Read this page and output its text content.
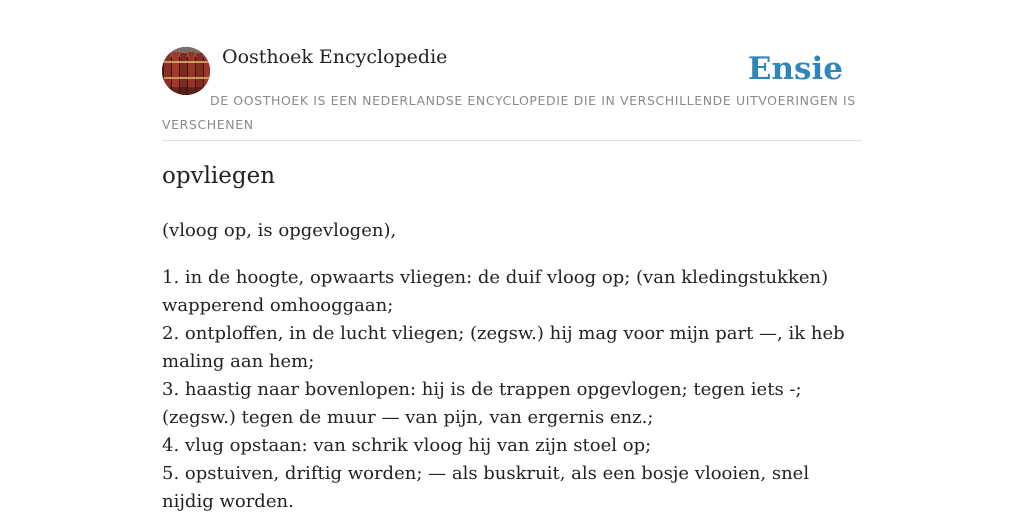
Oosthoek Encyclopedie	Ensie
DE OOSTHOEK IS EEN NEDERLANDSE ENCYCLOPEDIE DIE IN VERSCHILLENDE UITVOERINGEN IS VERSCHENEN
opvliegen
(vloog op, is opgevlogen),
1. in de hoogte, opwaarts vliegen: de duif vloog op; (van kledingstukken) wapperend omhooggaan;
2. ontploffen, in de lucht vliegen; (zegsw.) hij mag voor mijn part —, ik heb maling aan hem;
3. haastig naar bovenlopen: hij is de trappen opgevlogen; tegen iets -; (zegsw.) tegen de muur — van pijn, van ergernis enz.;
4. vlug opstaan: van schrik vloog hij van zijn stoel op;
5. opstuiven, driftig worden; — als buskruit, als een bosje vlooien, snel nijdig worden.
